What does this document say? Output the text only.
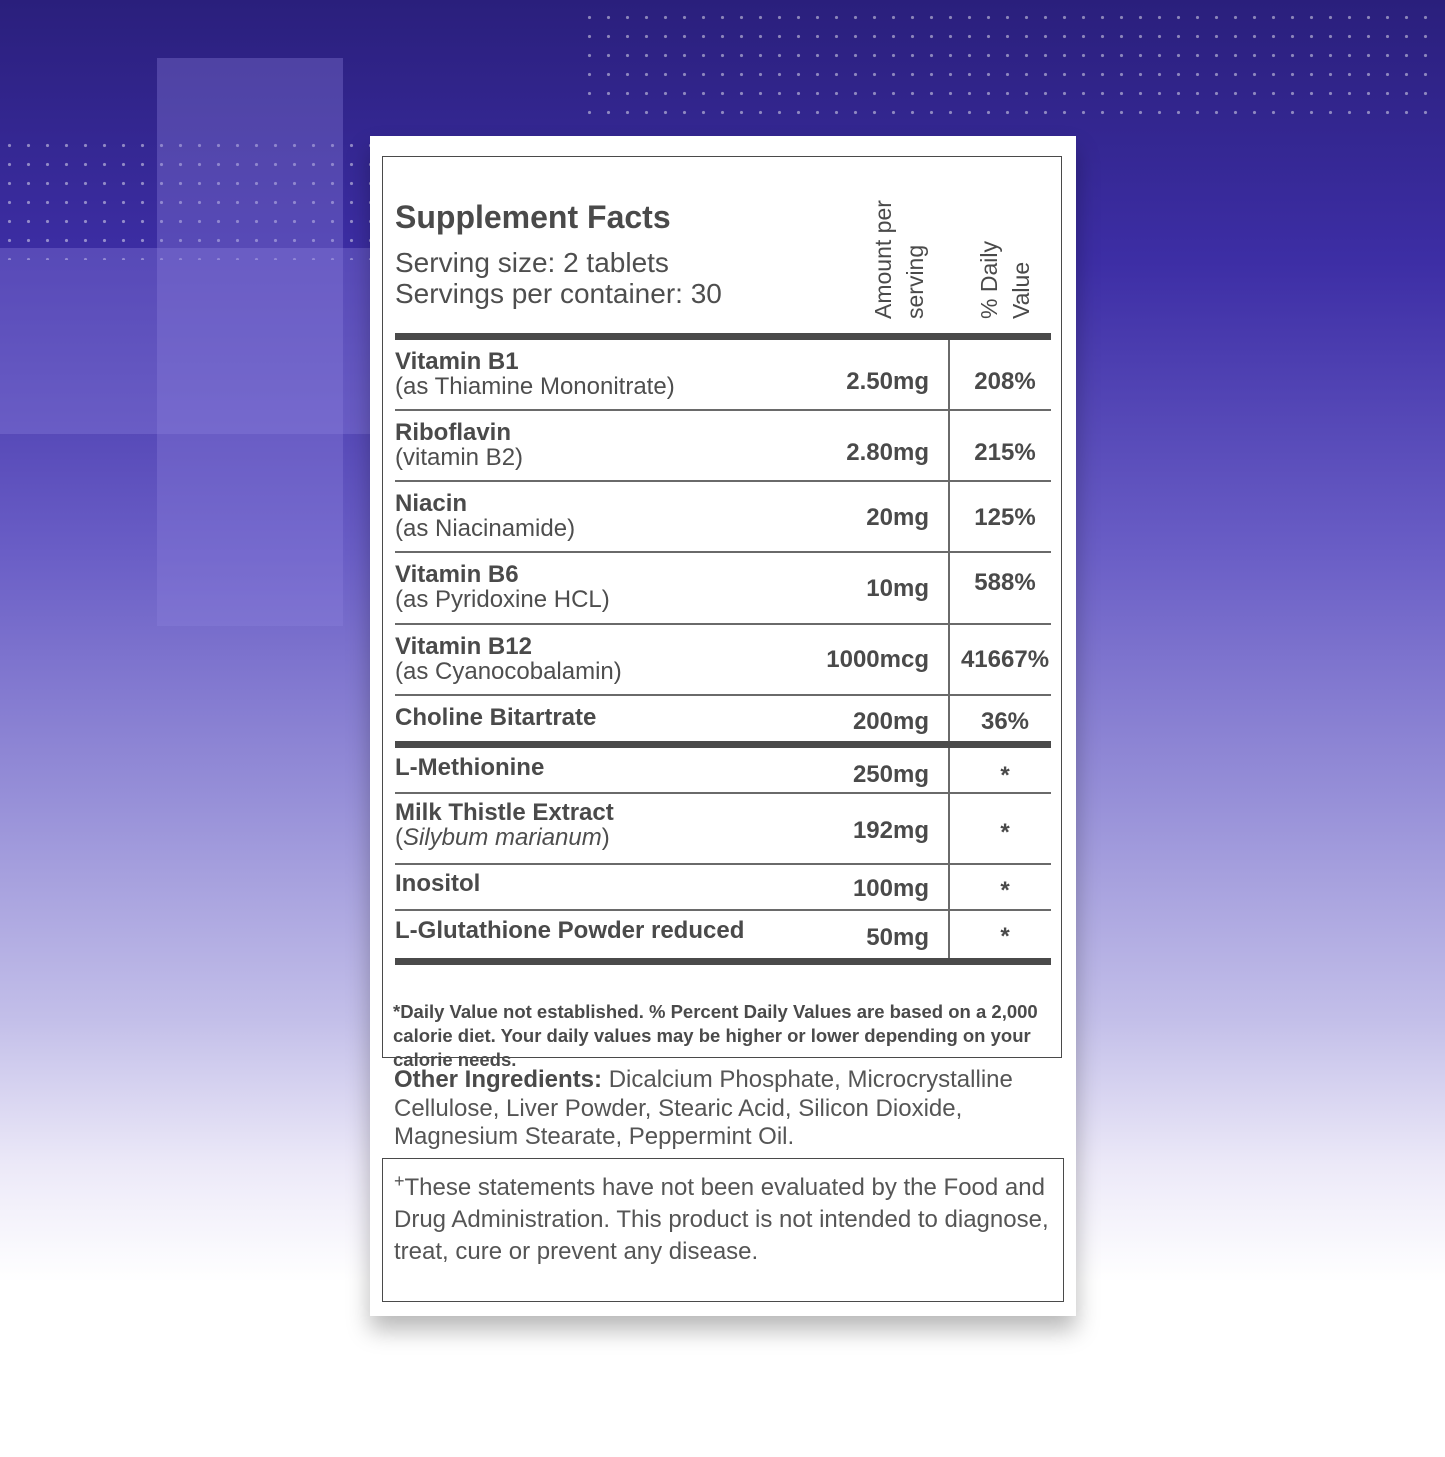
Supplement Facts
Serving size: 2 tablets
Servings per container: 30	Amount per serving % Daily Value
Vitamin B1
(as Thiamine Mononitrate)	2.50mg	208%
Riboflavin
(vitamin B2)	2.80mg	215%
Niacin
(as Niacinamide)	20mg	125%
Vitamin B6
(as Pyridoxine HCL)	10mg	588%
Vitamin B12
(as Cyanocobalamin)	1000mcg	41667%
Choline Bitartrate	200mg	36%
L-Methionine	250mg	*
Milk Thistle Extract
(Silybum marianum)	192mg	*
Inositol	100mg	*
L-Glutathione Powder reduced	50mg	*
*Daily Value not established. % Percent Daily Values are based on a 2,000 calorie diet. Your daily values may be higher or lower depending on your calorie needs.
Other Ingredients: Dicalcium Phosphate, Microcrystalline Cellulose, Liver Powder, Stearic Acid, Silicon Dioxide, Magnesium Stearate, Peppermint Oil.
+These statements have not been evaluated by the Food and Drug Administration. This product is not intended to diagnose, treat, cure or prevent any disease.
